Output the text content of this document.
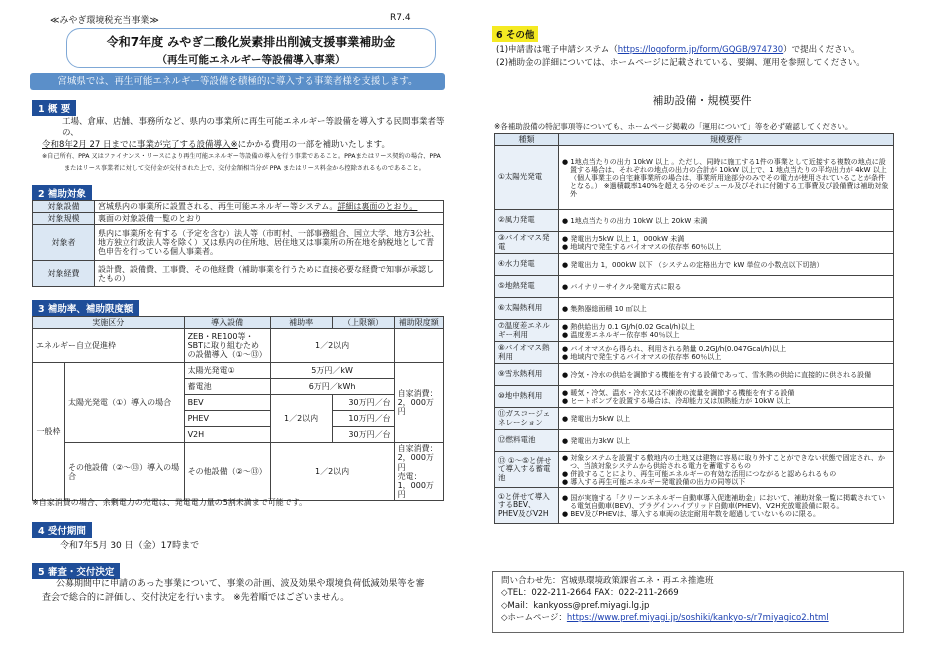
≪みやぎ環境税充当事業≫	R7.4
令和7年度 みやぎ二酸化炭素排出削減支援事業補助金
（再生可能エネルギー等設備導入事業）
宮城県では、再生可能エネルギー等設備を積極的に導入する事業者様を支援します。
1 概 要
工場、倉庫、店舗、事務所など、県内の事業所に再生可能エネルギー等設備を導入する民間事業者等の、
令和8年2月 27 日までに事業が完了する設備導入※にかかる費用の一部を補助いたします。
※自己所有、PPA 又はファイナンス・リースにより再生可能エネルギー等設備の導入を行う事業であること。PPAまたはリース契約の場合、PPA
またはリース事業者に対して交付金が交付された上で、交付金額相当分が PPA またはリース料金から控除されるものであること。
2 補助対象
対象設備	宮城県内の事業所に設置される、再生可能エネルギー等システム。詳細は裏面のとおり。
対象規模	裏面の対象設備一覧のとおり
対象者	県内に事業所を有する（予定を含む）法人等（市町村、一部事務組合、国立大学、地方3公社、地方独立行政法人等を除く）又は県内の住所地、居住地又は事業所の所在地を納税地として青色申告を行っている個人事業者。
対象経費	設計費、設備費、工事費、その他経費（補助事業を行うために直接必要な経費で知事が承認したもの）
3 補助率、補助限度額
実施区分		導入設備	補助率	（上限額）	補助限度額
エネルギー自立促進枠		ZEB・RE100等・SBTに取り組むための設備導入（①～⑬）	1／2以内		
一般枠	太陽光発電（①）導入の場合	太陽光発電①	5万円／kW		自家消費：
2，000万円
		蓄電池	6万円／kWh		
		BEV	1／2以内	30万円／台	
		PHEV		10万円／台	
		V2H		30万円／台	
	その他設備（②～⑬）導入の場合	その他設備（②～⑬）	1／2以内		自家消費：
2，000万円
売電：
1，000万円
※自家消費の場合、余剰電力の売電は、発電電力量の5割未満まで可能です。
4 受付期間
令和7年5月 30 日（金）17時まで
5 審査・交付決定
公募期間中に申請のあった事業について、事業の計画、波及効果や環境負荷低減効果等を審
査会で総合的に評価し、交付決定を行います。 ※先着順ではございません。
6 その他
(1)申請書は電子申請システム（https://logoform.jp/form/GQGB/974730）で提出ください。
(2)補助金の詳細については、ホームページに記載されている、要綱、運用を参照してください。
補助設備・規模要件
※各補助設備の特記事項等についても、ホームページ掲載の「運用について」等を必ず確認してください。
種類	規模要件
①太陽光発電	● 1地点当たりの出力 10kW 以上 。ただし、同時に施工する1件の事業として近接する複数の地点に設置する場合は、それぞれの地点の出力の合計が 10kW 以上で、1 地点当たりの平均出力が 4kW 以上（個人事業主の自宅兼事業所の場合は、事業所用途部分のみでその電力が使用されていることが条件となる。） ※過積載率140%を超える分のモジュール及びそれに付随する工事費及び設備費は補助対象外

②風力発電	● 1地点当たりの出力 10kW 以上 20kW 未満

③バイオマス発電	● 発電出力5kW 以上 1，000kW 未満
● 地域内で発生するバイオマスの依存率 60％以上

④水力発電	● 発電出力 1，000kW 以下 （システムの定格出力で kW 単位の小数点以下切捨）

⑤地熱発電	● バイナリーサイクル発電方式に限る

⑥太陽熱利用	● 集熱器総面積 10 ㎡以上

⑦温度差エネルギー利用	● 熱供給出力 0.1 GJ/h(0.02 Gcal/h)以上
● 温度差エネルギー依存率 40％以上

⑧バイオマス熱利用	● バイオマスから得られ、利用される熱量 0.2GJ/h(0.047Gcal/h)以上
● 地域内で発生するバイオマスの依存率 60％以上

⑨雪氷熱利用	● 冷気・冷水の供給を調節する機能を有する設備であって、雪氷熱の供給に直接的に供される設備

⑩地中熱利用	● 暖気・冷気、温水・冷水又は不凍液の流量を調節する機能を有する設備
● ヒートポンプを設置する場合は、冷却能力又は加熱能力が 10kW 以上

⑪ガスコージェネレーション	● 発電出力5kW 以上

⑫燃料電池	● 発電出力3kW 以上

⑬ ①～⑤と併せて導入する蓄電池	● 対象システムを設置する敷地内の土地又は建物に容易に取り外すことができない状態で固定され、かつ、当該対象システムから供給される電力を蓄電するもの
● 併設することにより、再生可能エネルギーの有効な活用につながると認められるもの
● 導入する再生可能エネルギー発電設備の出力の同等以下

①と併せて導入するBEV、PHEV及びV2H	● 国が実施する「クリーンエネルギー自動車導入促進補助金」において、補助対象一覧に掲載されている電気自動車(BEV)、プラグインハイブリッド自動車(PHEV)、V2H充放電設備に限る。
● BEV及びPHEVは、導入する車両の法定耐用年数を超過していないものに限る。
問い合わせ先：宮城県環境政策課省エネ・再エネ推進班
◇TEL：022-211-2664 FAX：022-211-2669
◇Mail：kankyoss@pref.miyagi.lg.jp
◇ホームページ：https://www.pref.miyagi.jp/soshiki/kankyo-s/r7miyagico2.html
